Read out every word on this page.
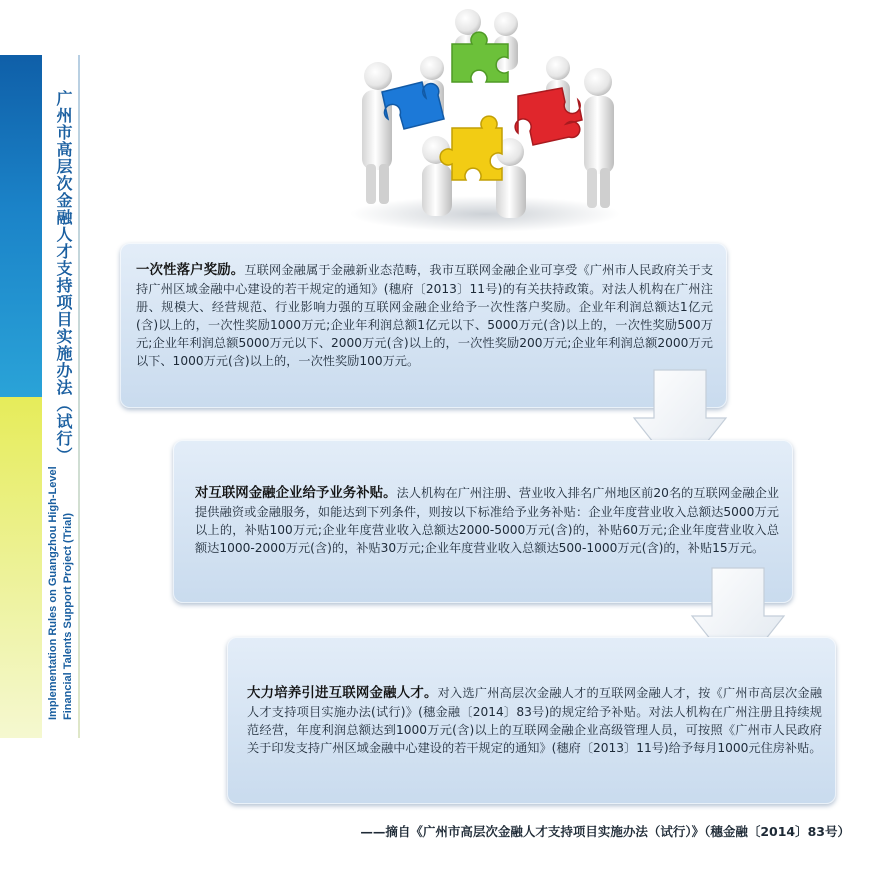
广州市高层次金融人才支持项目实施办法（试行）
Implementation Rules on Guangzhou High-Level Financial Talents Support Project (Trial)

一次性落户奖励。互联网金融属于金融新业态范畴，我市互联网金融企业可享受《广州市人民政府关于支持广州区域金融中心建设的若干规定的通知》(穗府〔2013〕11号)的有关扶持政策。对法人机构在广州注册、规模大、经营规范、行业影响力强的互联网金融企业给予一次性落户奖励。企业年利润总额达1亿元(含)以上的，一次性奖励1000万元;企业年利润总额1亿元以下、5000万元(含)以上的，一次性奖励500万元;企业年利润总额5000万元以下、2000万元(含)以上的，一次性奖励200万元;企业年利润总额2000万元以下、1000万元(含)以上的，一次性奖励100万元。

对互联网金融企业给予业务补贴。法人机构在广州注册、营业收入排名广州地区前20名的互联网金融企业提供融资或金融服务，如能达到下列条件，则按以下标准给予业务补贴：企业年度营业收入总额达5000万元以上的，补贴100万元;企业年度营业收入总额达2000-5000万元(含)的，补贴60万元;企业年度营业收入总额达1000-2000万元(含)的，补贴30万元;企业年度营业收入总额达500-1000万元(含)的，补贴15万元。

大力培养引进互联网金融人才。对入选广州高层次金融人才的互联网金融人才，按《广州市高层次金融人才支持项目实施办法(试行)》(穗金融〔2014〕83号)的规定给予补贴。对法人机构在广州注册且持续规范经营，年度利润总额达到1000万元(含)以上的互联网金融企业高级管理人员，可按照《广州市人民政府关于印发支持广州区域金融中心建设的若干规定的通知》(穗府〔2013〕11号)给予每月1000元住房补贴。

——摘自《广州市高层次金融人才支持项目实施办法（试行）》（穗金融〔2014〕83号）
